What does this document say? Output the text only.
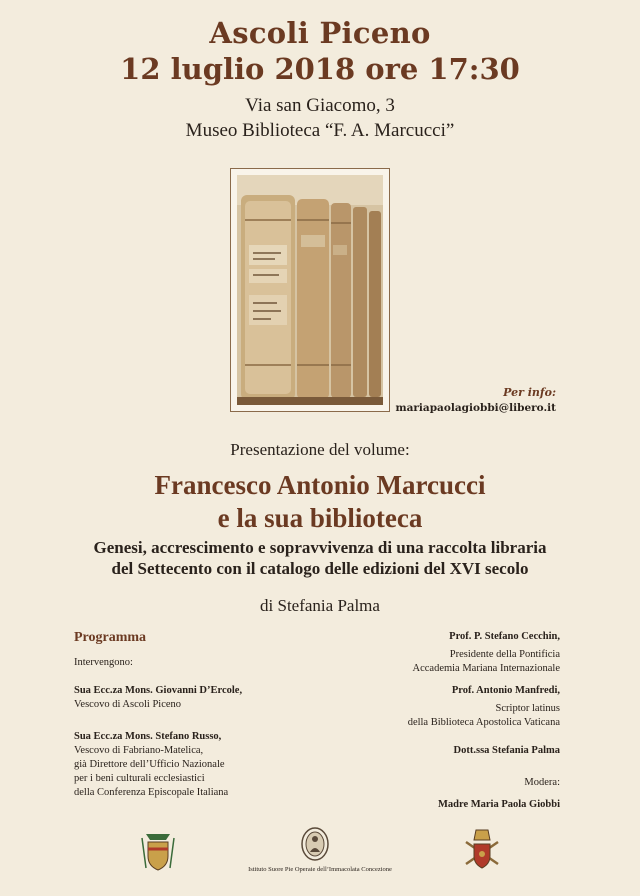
Ascoli Piceno
12 luglio 2018 ore 17:30
Via san Giacomo, 3
Museo Biblioteca “F. A. Marcucci”
Per info:
mariapaolagiobbi@libero.it
Presentazione del volume:
Francesco Antonio Marcucci
e la sua biblioteca
Genesi, accrescimento e sopravvivenza di una raccolta libraria
del Settecento con il catalogo delle edizioni del XVI secolo
di Stefania Palma
Programma
Intervengono:
Sua Ecc.za Mons. Giovanni D’Ercole,
Vescovo di Ascoli Piceno
Sua Ecc.za Mons. Stefano Russo,
Vescovo di Fabriano-Matelica,
già Direttore dell’Ufficio Nazionale
per i beni culturali ecclesiastici
della Conferenza Episcopale Italiana
Prof. P. Stefano Cecchin,
Presidente della Pontificia
Accademia Mariana Internazionale
Prof. Antonio Manfredi,
Scriptor latinus
della Biblioteca Apostolica Vaticana
Dott.ssa Stefania Palma
Modera:
Madre Maria Paola Giobbi
Istituto Suore Pie Operaie dell’Immacolata Concezione
